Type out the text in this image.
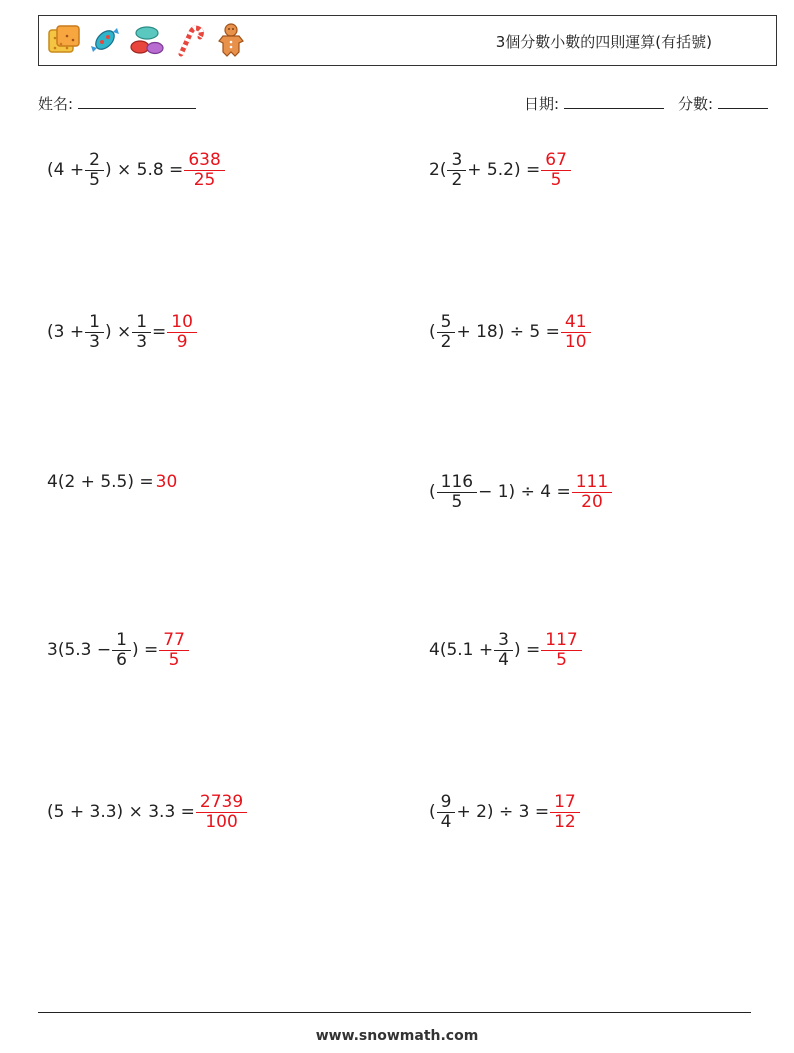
3個分數小數的四則運算(有括號)
姓名:	日期:	分數:
($4 + \frac{2}{5}$ ) × $5.8 = \frac{638}{25}$	$2( \frac{3}{2} + 5.2) = \frac{67}{5}$
($3 + \frac{1}{3}$ ) × $\frac{1}{3} = \frac{10}{9}$	( $\frac{5}{2} + 18) \div 5 = \frac{41}{10}$
4(2 + 5.5) = 30	( $\frac{116}{5} - 1) \div 4 = \frac{111}{20}$
$3(5.3 - \frac{1}{6}$ ) = $\frac{77}{5}$	$4(5.1 + \frac{3}{4}$ ) = $\frac{117}{5}$
$(5 + 3.3) \times 3.3 = \frac{2739}{100}$	( $\frac{9}{4} + 2) \div 3 = \frac{17}{12}$
www.snowmath.com
